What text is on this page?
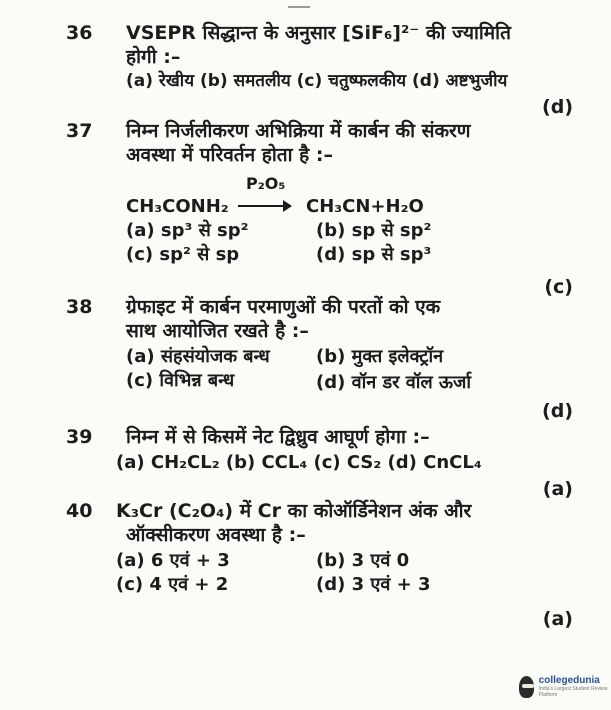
36 VSEPR सिद्धान्त के अनुसार [SiF₆]²⁻ की ज्यामिति
होगी :–
(a) रेखीय (b) समतलीय (c) चतुष्फलकीय (d) अष्टभुजीय
(d)
37 निम्न निर्जलीकरण अभिक्रिया में कार्बन की संकरण
अवस्था में परिवर्तन होता है :–
P₂O₅
CH₃CONH₂ → CH₃CN+H₂O
(a) sp³ से sp²	(b) sp से sp²
(c) sp² से sp	(d) sp से sp³
(c)
38 ग्रेफाइट में कार्बन परमाणुओं की परतों को एक
साथ आयोजित रखते है :–
(a) संहसंयोजक बन्ध	(b) मुक्त इलेक्ट्रॉन
(c) विभिन्न बन्ध	(d) वॉन डर वॉल ऊर्जा
(d)
39 निम्न में से किसमें नेट द्विध्रुव आघूर्ण होगा :–
(a) CH₂CL₂ (b) CCL₄ (c) CS₂ (d) CnCL₄
(a)
40 K₃Cr (C₂O₄) में Cr का कोऑर्डिनेशन अंक और
ऑक्सीकरण अवस्था है :–
(a) 6 एवं + 3	(b) 3 एवं 0
(c) 4 एवं + 2	(d) 3 एवं + 3
(a)
collegedunia
India's Largest Student Review Platform
